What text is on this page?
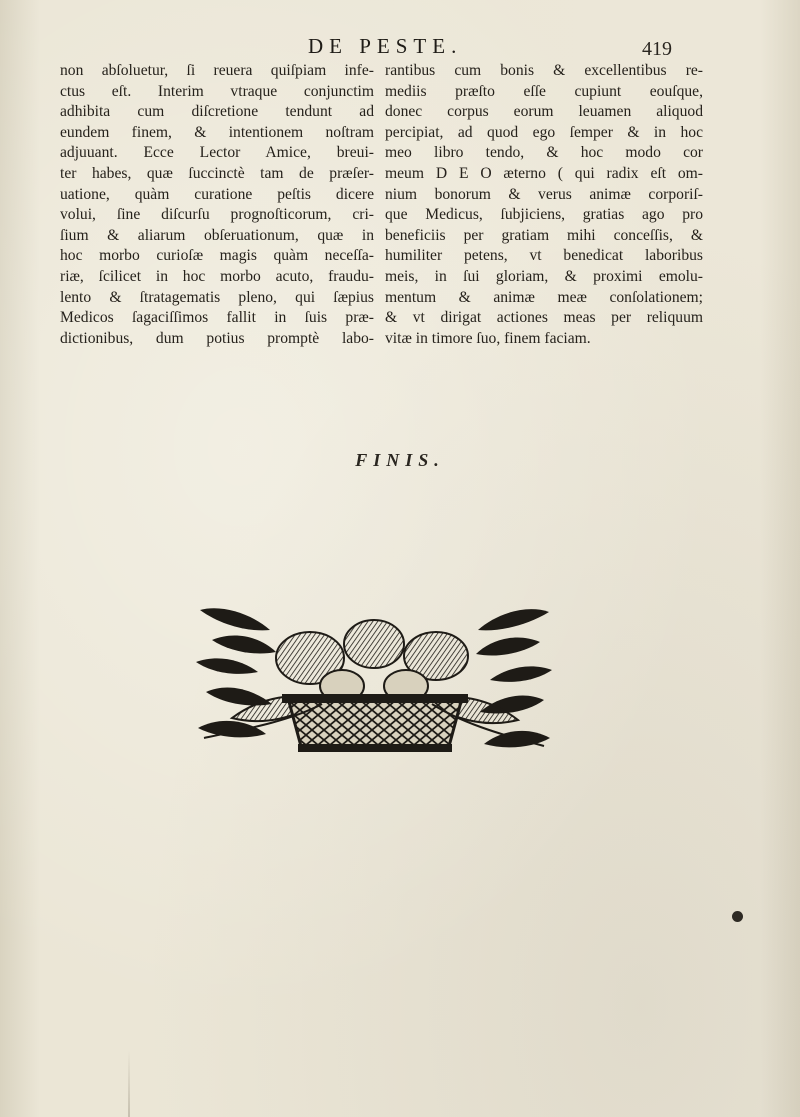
DE PESTE.	419
non abſoluetur, ſi reuera quiſpiam infe-
ctus eſt. Interim vtraque conjunctim
adhibita cum diſcretione tendunt ad
eundem finem, & intentionem noſtram
adjuuant. Ecce Lector Amice, breui-
ter habes, quæ ſuccinctè tam de præſer-
uatione, quàm curatione peſtis dicere
volui, ſine diſcurſu prognoſticorum, cri-
ſium & aliarum obſeruationum, quæ in
hoc morbo curioſæ magis quàm neceſſa-
riæ, ſcilicet in hoc morbo acuto, fraudu-
lento & ſtratagematis pleno, qui ſæpius
Medicos ſagaciſſimos fallit in ſuis præ-
dictionibus, dum potius promptè labo-
rantibus cum bonis & excellentibus re-
mediis præſto eſſe cupiunt eouſque,
donec corpus eorum leuamen aliquod
percipiat, ad quod ego ſemper & in hoc
meo libro tendo, & hoc modo cor
meum D E O æterno ( qui radix eſt om-
nium bonorum & verus animæ corporiſ-
que Medicus, ſubjiciens, gratias ago pro
beneficiis per gratiam mihi conceſſis, &
humiliter petens, vt benedicat laboribus
meis, in ſui gloriam, & proximi emolu-
mentum & animæ meæ conſolationem;
& vt dirigat actiones meas per reliquum
vitæ in timore ſuo, finem faciam.
FINIS.
